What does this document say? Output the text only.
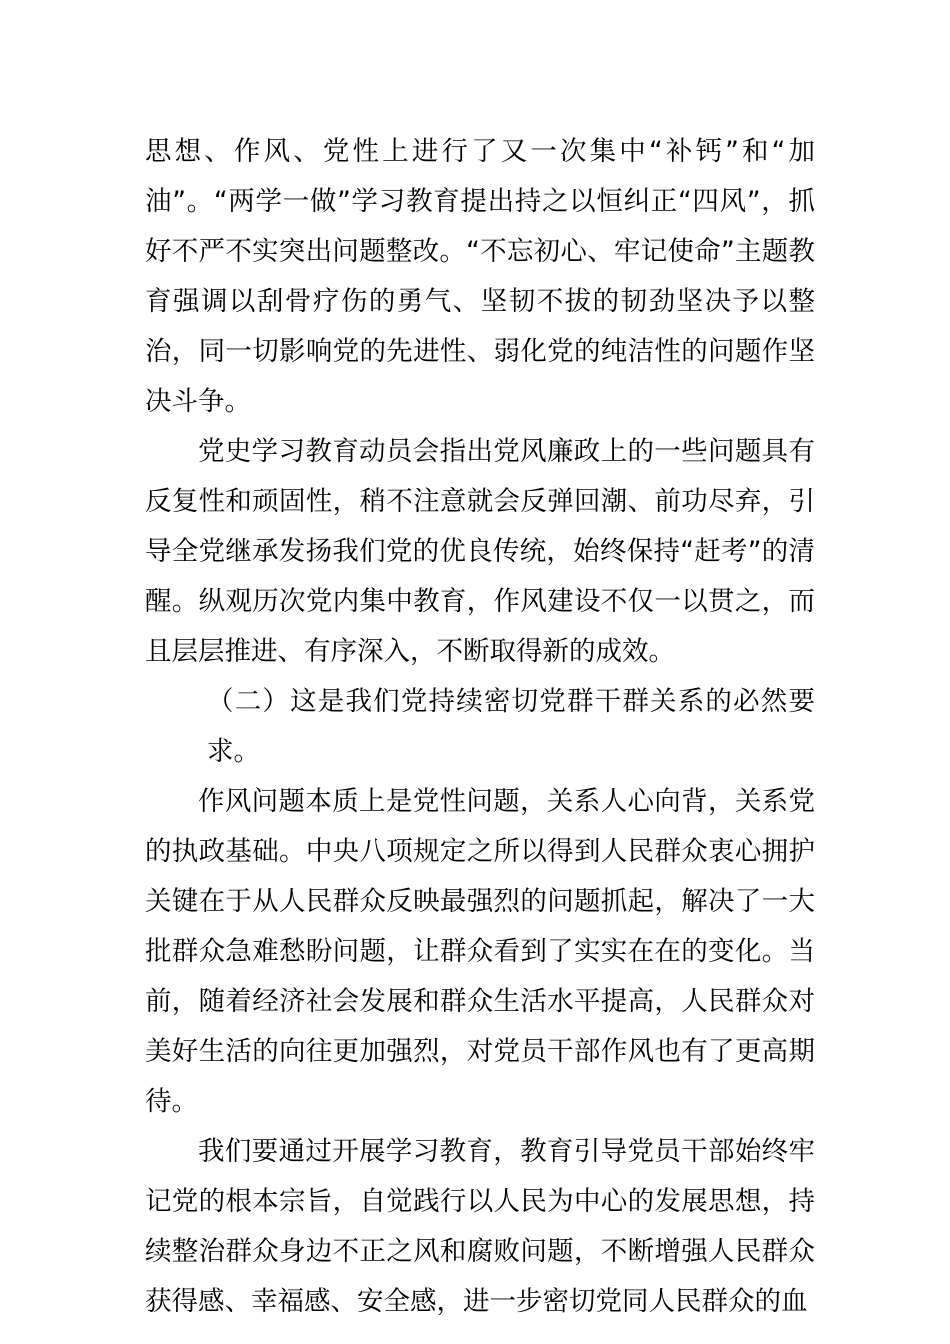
思想、作风、党性上进行了又一次集中“补钙”和“加油”。“两学一做”学习教育提出持之以恒纠正“四风”，抓好不严不实突出问题整改。“不忘初心、牢记使命”主题教育强调以刮骨疗伤的勇气、坚韧不拔的韧劲坚决予以整治，同一切影响党的先进性、弱化党的纯洁性的问题作坚决斗争。

党史学习教育动员会指出党风廉政上的一些问题具有反复性和顽固性，稍不注意就会反弹回潮、前功尽弃，引导全党继承发扬我们党的优良传统，始终保持“赶考”的清醒。纵观历次党内集中教育，作风建设不仅一以贯之，而且层层推进、有序深入，不断取得新的成效。

（二）这是我们党持续密切党群干群关系的必然要求。

作风问题本质上是党性问题，关系人心向背，关系党的执政基础。中央八项规定之所以得到人民群众衷心拥护关键在于从人民群众反映最强烈的问题抓起，解决了一大批群众急难愁盼问题，让群众看到了实实在在的变化。当前，随着经济社会发展和群众生活水平提高，人民群众对美好生活的向往更加强烈，对党员干部作风也有了更高期待。

我们要通过开展学习教育，教育引导党员干部始终牢记党的根本宗旨，自觉践行以人民为中心的发展思想，持续整治群众身边不正之风和腐败问题，不断增强人民群众获得感、幸福感、安全感，进一步密切党同人民群众的血
